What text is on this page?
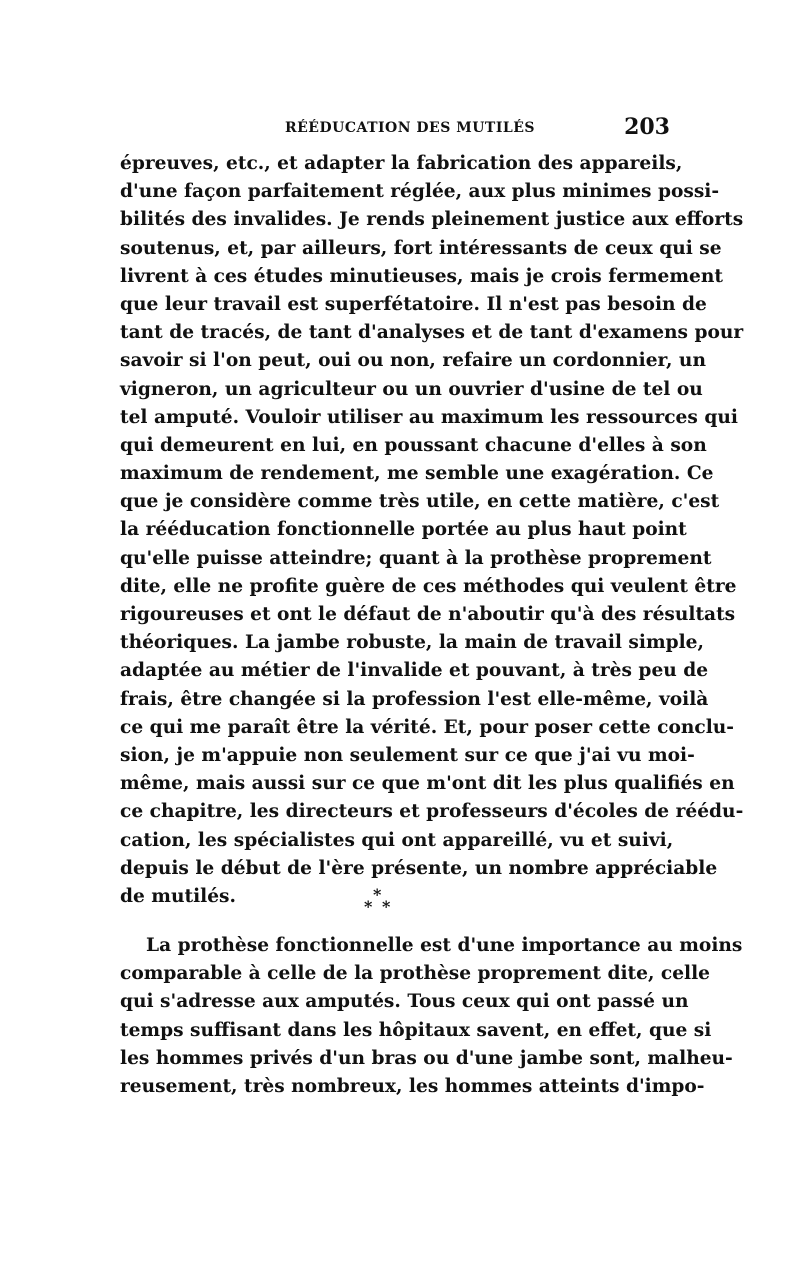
RÉÉDUCATION DES MUTILÉS	203
épreuves, etc., et adapter la fabrication des appareils,
d'une façon parfaitement réglée, aux plus minimes possi-
bilités des invalides. Je rends pleinement justice aux efforts
soutenus, et, par ailleurs, fort intéressants de ceux qui se
livrent à ces études minutieuses, mais je crois fermement
que leur travail est superfétatoire. Il n'est pas besoin de
tant de tracés, de tant d'analyses et de tant d'examens pour
savoir si l'on peut, oui ou non, refaire un cordonnier, un
vigneron, un agriculteur ou un ouvrier d'usine de tel ou
tel amputé. Vouloir utiliser au maximum les ressources qui
qui demeurent en lui, en poussant chacune d'elles à son
maximum de rendement, me semble une exagération. Ce
que je considère comme très utile, en cette matière, c'est
la rééducation fonctionnelle portée au plus haut point
qu'elle puisse atteindre; quant à la prothèse proprement
dite, elle ne profite guère de ces méthodes qui veulent être
rigoureuses et ont le défaut de n'aboutir qu'à des résultats
théoriques. La jambe robuste, la main de travail simple,
adaptée au métier de l'invalide et pouvant, à très peu de
frais, être changée si la profession l'est elle-même, voilà
ce qui me paraît être la vérité. Et, pour poser cette conclu-
sion, je m'appuie non seulement sur ce que j'ai vu moi-
même, mais aussi sur ce que m'ont dit les plus qualifiés en
ce chapitre, les directeurs et professeurs d'écoles de réédu-
cation, les spécialistes qui ont appareillé, vu et suivi,
depuis le début de l'ère présente, un nombre appréciable
de mutilés.	*
* *
La prothèse fonctionnelle est d'une importance au moins
comparable à celle de la prothèse proprement dite, celle
qui s'adresse aux amputés. Tous ceux qui ont passé un
temps suffisant dans les hôpitaux savent, en effet, que si
les hommes privés d'un bras ou d'une jambe sont, malheu-
reusement, très nombreux, les hommes atteints d'impo-
